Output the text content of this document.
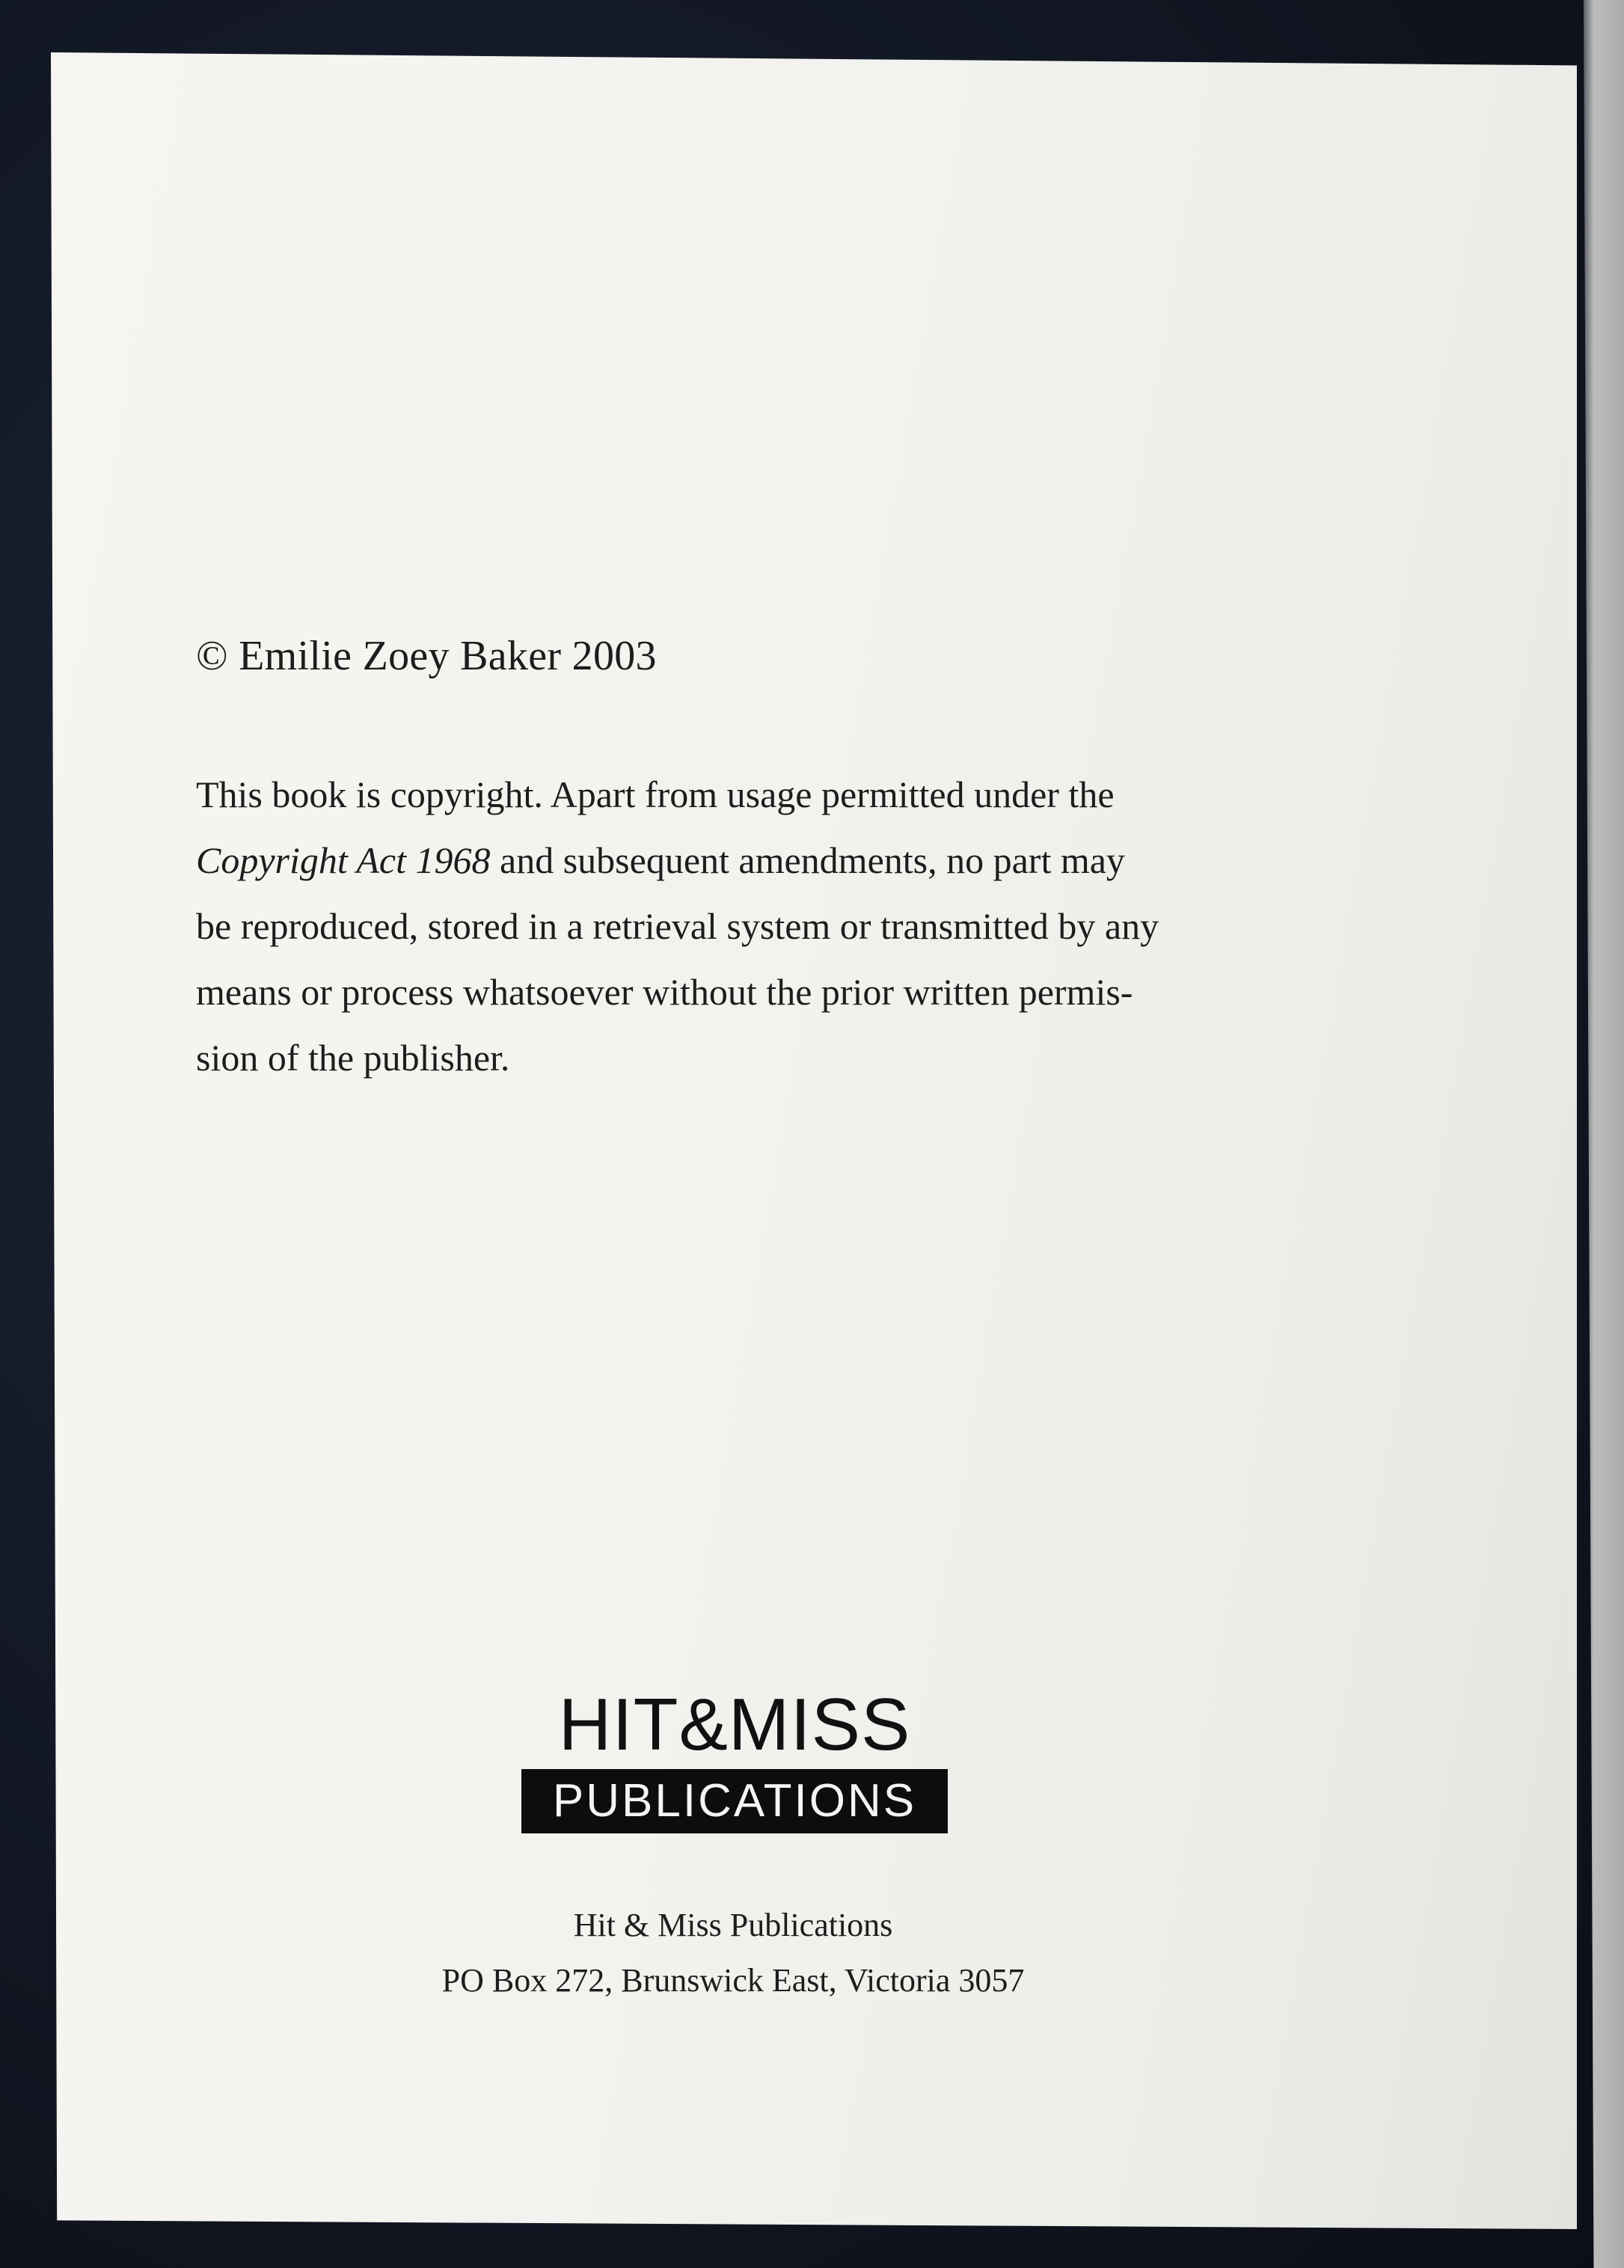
© Emilie Zoey Baker 2003
This book is copyright. Apart from usage permitted under the
Copyright Act 1968 and subsequent amendments, no part may
be reproduced, stored in a retrieval system or transmitted by any
means or process whatsoever without the prior written permis-
sion of the publisher.
HIT&MISS
PUBLICATIONS
Hit & Miss Publications
PO Box 272, Brunswick East, Victoria 3057
